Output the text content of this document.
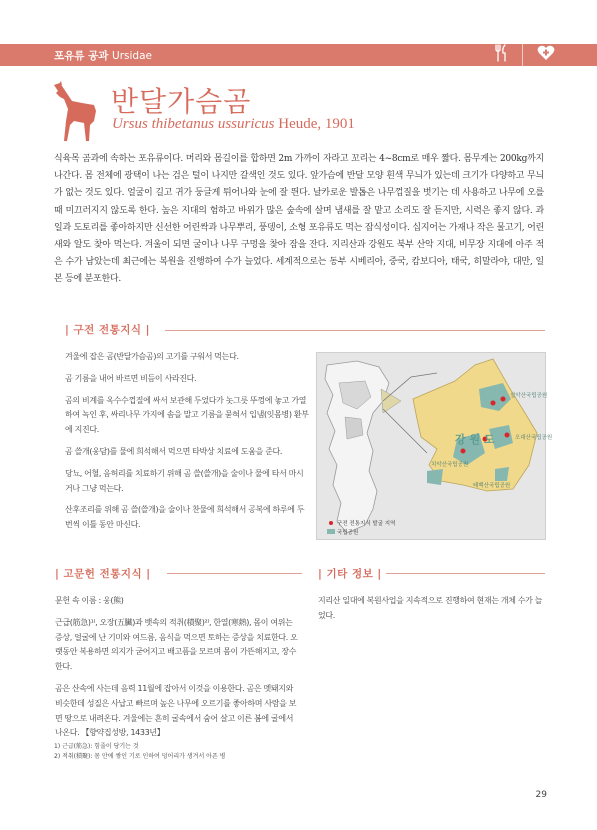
포유류 공과 Ursidae
반달가슴곰
Ursus thibetanus ussuricus Heude, 1901
식육목 곰과에 속하는 포유류이다. 머리와 몸길이를 합하면 2m 가까이 자라고 꼬리는 4~8cm로 매우 짧다. 몸무게는 200kg까지 나간다. 몸 전체에 광택이 나는 검은 털이 나지만 갈색인 것도 있다. 앞가슴에 반달 모양 흰색 무늬가 있는데 크기가 다양하고 무늬가 없는 것도 있다. 얼굴이 길고 귀가 둥글게 튀어나와 눈에 잘 띈다. 날카로운 발톱은 나무껍질을 벗기는 데 사용하고 나무에 오를 때 미끄러지지 않도록 한다. 높은 지대의 험하고 바위가 많은 숲속에 살며 냄새를 잘 맡고 소리도 잘 듣지만, 시력은 좋지 않다. 과일과 도토리를 좋아하지만 신선한 어린싹과 나무뿌리, 풍뎅이, 소형 포유류도 먹는 잡식성이다. 십지어는 가재나 작은 물고기, 어린 새와 알도 찾아 먹는다. 겨울이 되면 굴이나 나무 구멍을 찾아 잠을 잔다. 지리산과 강원도 북부 산악 지대, 비무장 지대에 아주 적은 수가 남았는데 최근에는 복원을 진행하여 수가 늘었다. 세계적으로는 동부 시베리아, 중국, 캄보디아, 태국, 히말라야, 대만, 일본 등에 분포한다.
| 구전 전통지식 |

겨울에 잡은 곰(반달가슴곰)의 고기를 구워서 먹는다.

곰 기름을 내어 바르면 비듬이 사라진다.

곰의 비계를 옥수수껍질에 싸서 보관해 두었다가 놋그릇 뚜껑에 놓고 가열하여 녹인 후, 싸리나무 가지에 솜을 말고 기름을 묻혀서 입냄(잇몸병) 환부에 지진다.

곰 쓸개(웅담)를 물에 희석해서 먹으면 타박상 치료에 도움을 준다.

당뇨, 어혈, 음허리를 치료하기 위해 곰 쓸(쓸개)을 술이나 물에 타서 마시거나 그냥 먹는다.

산후조리를 위해 곰 쓸(쓸개)을 술이나 찬물에 희석해서 공복에 하루에 두 번씩 이틀 동안 마신다.

강 원 도
설악산국립공원
오대산국립공원
치악산국립공원
태백산국립공원
구전 전통지식 발굴 지역
국립공원
| 고문헌 전통지식 |

문헌 속 이름 : 웅(熊)

근급(筋急)¹⁾, 오장(五臟)과 뱃속의 적취(積聚)²⁾, 한열(寒熱), 몸이 여위는 증상, 얼굴에 난 기미와 여드름, 음식을 먹으면 토하는 증상을 치료한다. 오랫동안 복용하면 의지가 굳어지고 배고픔을 모르며 몸이 가뜬해지고, 장수한다.

곰은 산속에 사는데 음력 11월에 잡아서 이것을 이용한다. 곰은 멧돼지와 비슷한데 성질은 사납고 빠르며 높은 나무에 오르기를 좋아하며 사람을 보면 땅으로 내려온다. 겨울에는 흔히 굴속에서 숨어 살고 이른 봄에 굴에서 나온다. 【향약집성방, 1433년】

1) 근급(筋急): 힘줄이 당기는 것
2) 적취(積聚): 몸 안에 쌓인 기로 인하여 덩어리가 생겨서 아픈 병
| 기타 정보 |

지리산 일대에 복원사업을 지속적으로 진행하여 현재는 개체 수가 늘었다.

29
